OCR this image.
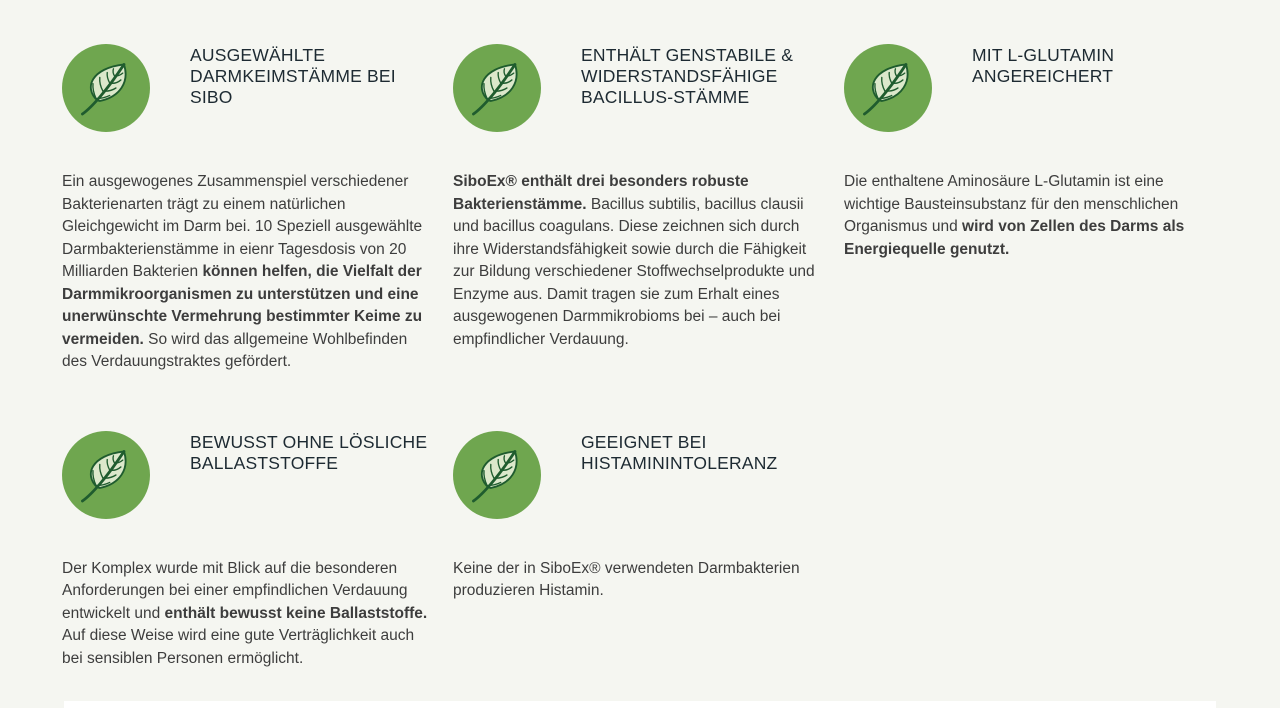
AUSGEWÄHLTE DARMKEIMSTÄMME BEI SIBO

Ein ausgewogenes Zusammenspiel verschiedener Bakterienarten trägt zu einem natürlichen Gleichgewicht im Darm bei. 10 Speziell ausgewählte Darmbakterienstämme in eienr Tagesdosis von 20 Milliarden Bakterien können helfen, die Vielfalt der Darmmikroorganismen zu unterstützen und eine unerwünschte Vermehrung bestimmter Keime zu vermeiden. So wird das allgemeine Wohlbefinden des Verdauungstraktes gefördert.

ENTHÄLT GENSTABILE & WIDERSTANDSFÄHIGE BACILLUS-STÄMME

SiboEx® enthält drei besonders robuste Bakterienstämme. Bacillus subtilis, bacillus clausii und bacillus coagulans. Diese zeichnen sich durch ihre Widerstandsfähigkeit sowie durch die Fähigkeit zur Bildung verschiedener Stoffwechselprodukte und Enzyme aus. Damit tragen sie zum Erhalt eines ausgewogenen Darmmikrobioms bei – auch bei empfindlicher Verdauung.

MIT L-GLUTAMIN ANGEREICHERT

Die enthaltene Aminosäure L-Glutamin ist eine wichtige Bausteinsubstanz für den menschlichen Organismus und wird von Zellen des Darms als Energiequelle genutzt.

BEWUSST OHNE LÖSLICHE BALLASTSTOFFE

Der Komplex wurde mit Blick auf die besonderen Anforderungen bei einer empfindlichen Verdauung entwickelt und enthält bewusst keine Ballaststoffe. Auf diese Weise wird eine gute Verträglichkeit auch bei sensiblen Personen ermöglicht.

GEEIGNET BEI HISTAMININTOLERANZ

Keine der in SiboEx® verwendeten Darmbakterien produzieren Histamin.
